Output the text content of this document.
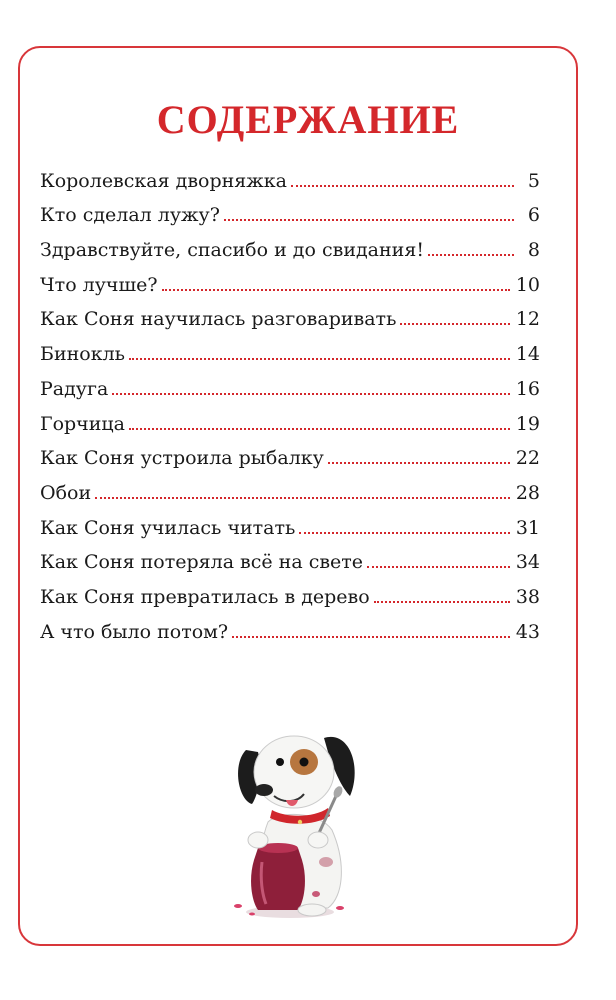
СОДЕРЖАНИЕ
Королевская дворняжка	5
Кто сделал лужу?	6
Здравствуйте, спасибо и до свидания!	8
Что лучше?	10
Как Соня научилась разговаривать	12
Бинокль	14
Радуга	16
Горчица	19
Как Соня устроила рыбалку	22
Обои	28
Как Соня училась читать	31
Как Соня потеряла всё на свете	34
Как Соня превратилась в дерево	38
А что было потом?	43
